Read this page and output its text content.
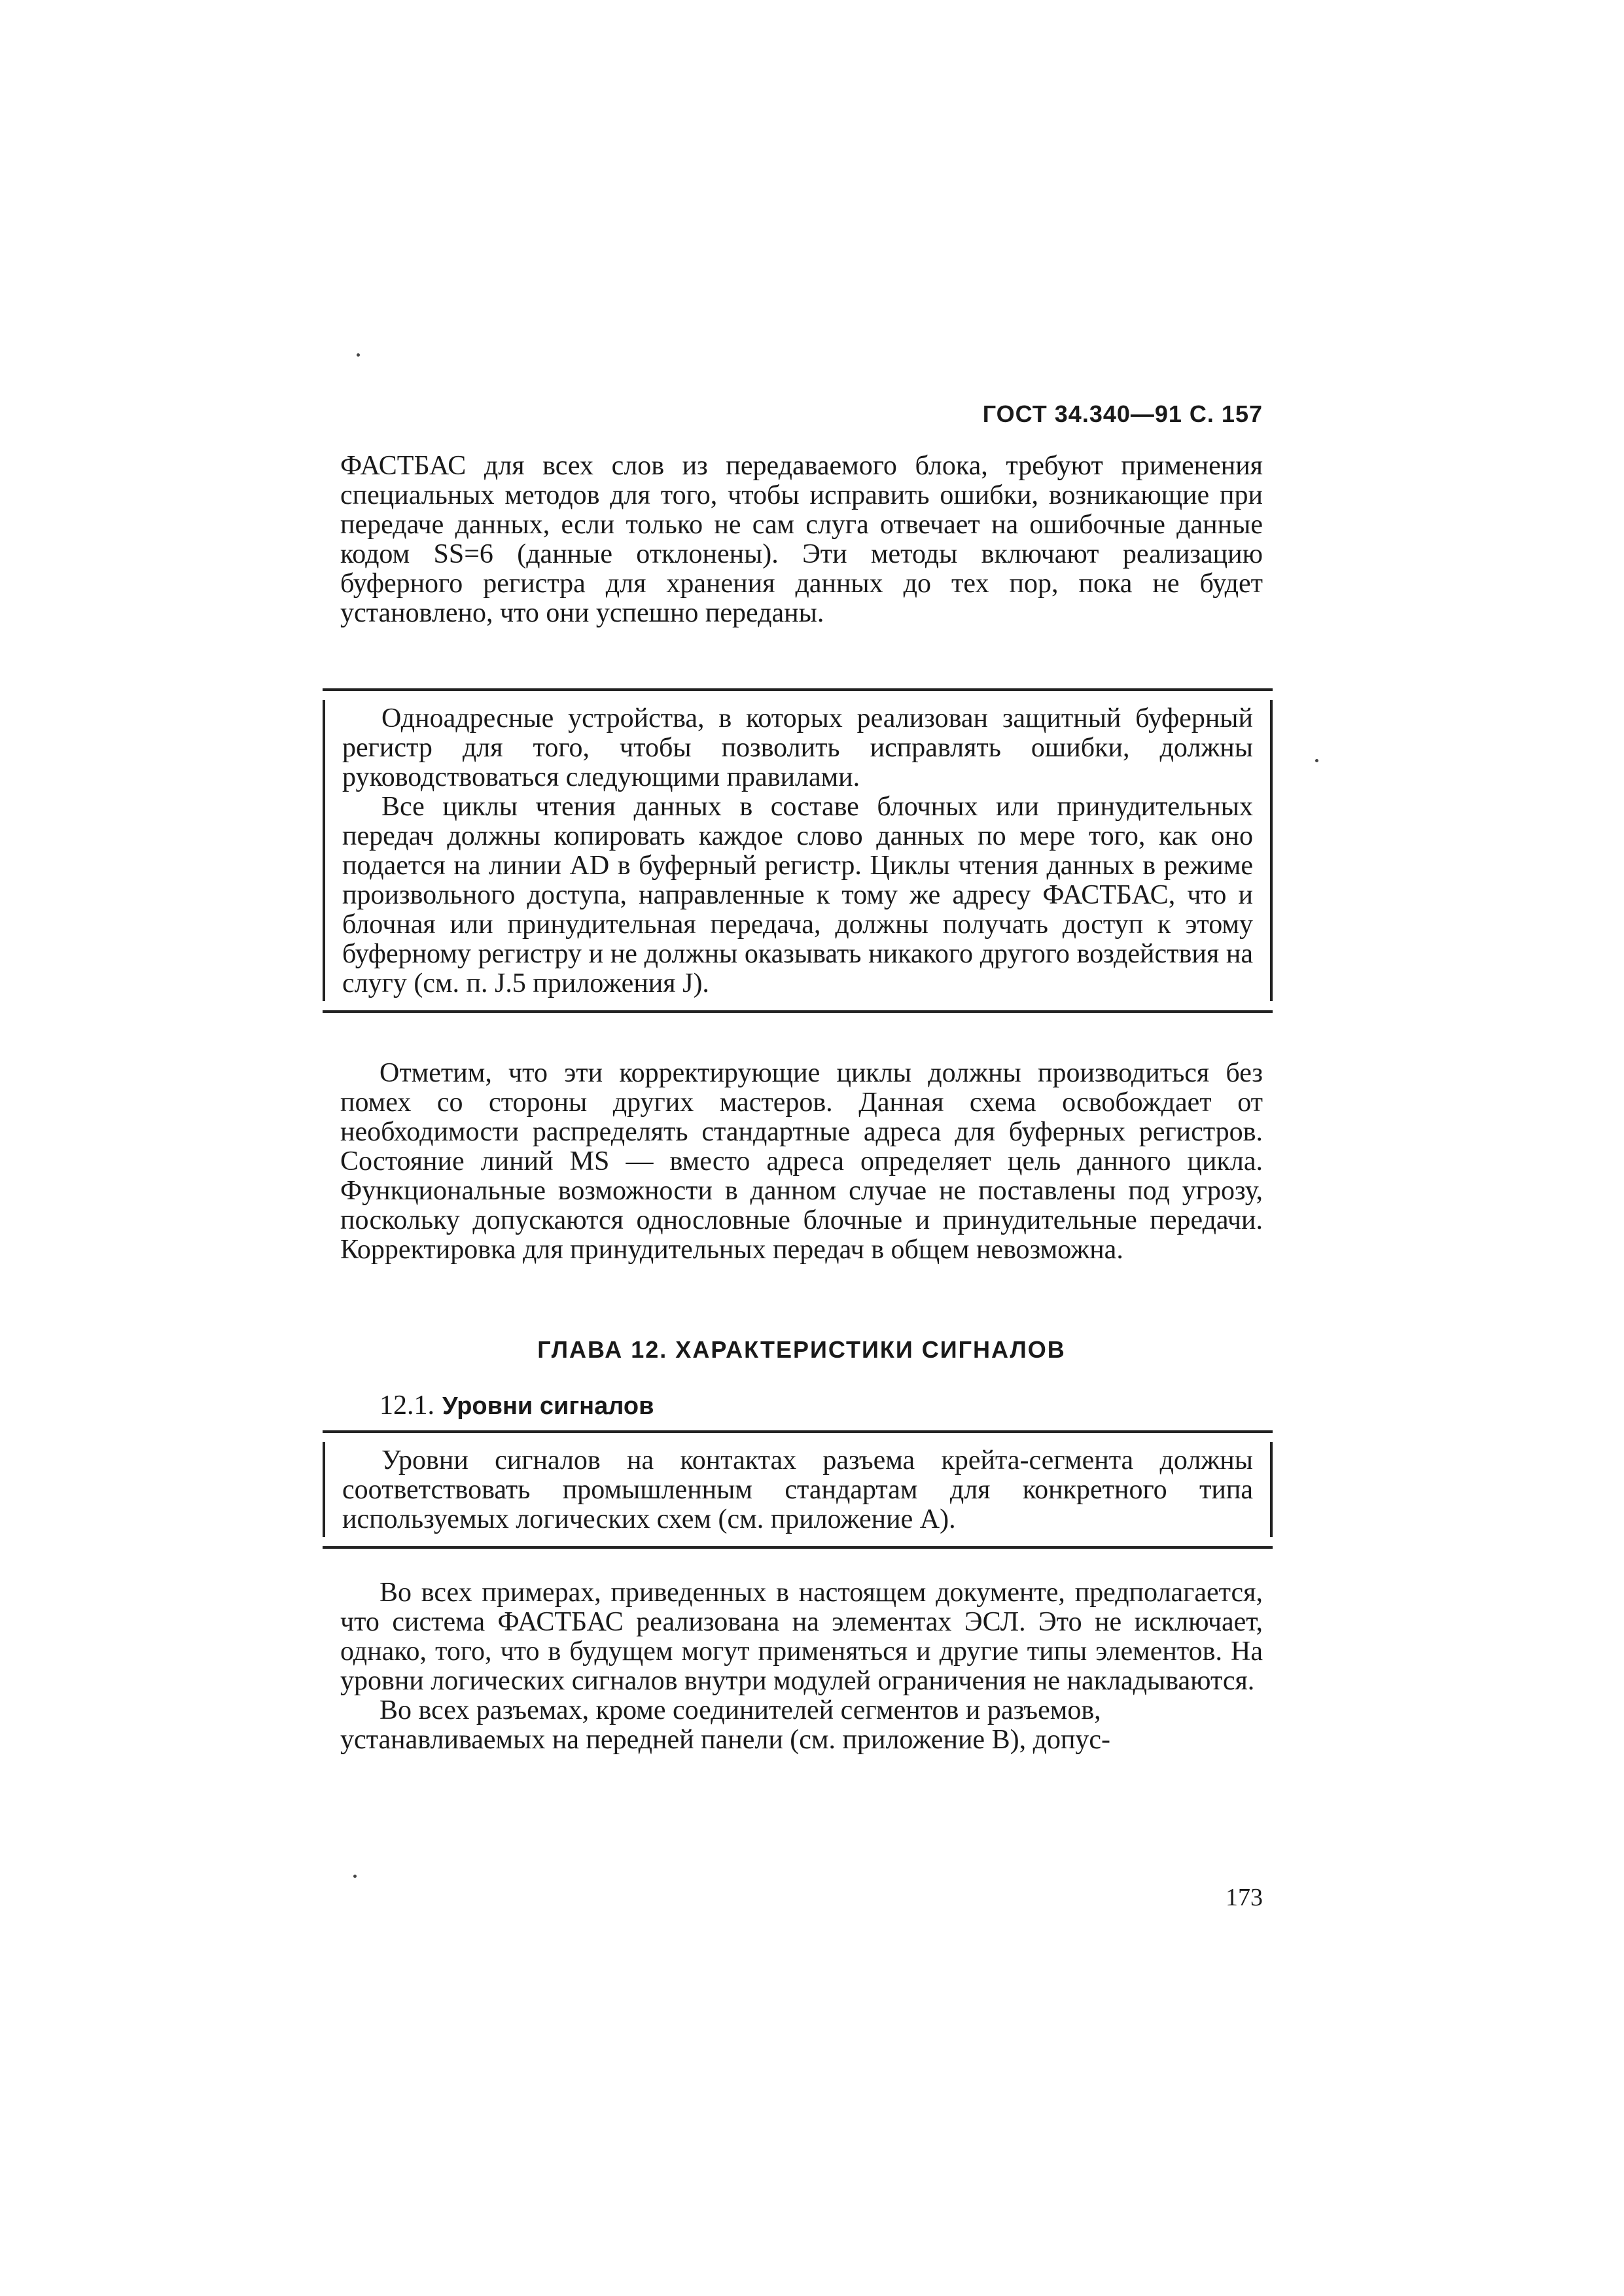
ГОСТ 34.340—91 С. 157

ФАСТБАС для всех слов из передаваемого блока, требуют применения специальных методов для того, чтобы исправить ошибки, возникающие при передаче данных, если только не сам слуга отвечает на ошибочные данные кодом SS=6 (данные отклонены). Эти методы включают реализацию буферного регистра для хранения данных до тех пор, пока не будет установлено, что они успешно переданы.

Одноадресные устройства, в которых реализован защитный буферный регистр для того, чтобы позволить исправлять ошибки, должны руководствоваться следующими правилами.

Все циклы чтения данных в составе блочных или принудительных передач должны копировать каждое слово данных по мере того, как оно подается на линии AD в буферный регистр. Циклы чтения данных в режиме произвольного доступа, направленные к тому же адресу ФАСТБАС, что и блочная или принудительная передача, должны получать доступ к этому буферному регистру и не должны оказывать никакого другого воздействия на слугу (см. п. J.5 приложения J).

Отметим, что эти корректирующие циклы должны производиться без помех со стороны других мастеров. Данная схема освобождает от необходимости распределять стандартные адреса для буферных регистров. Состояние линий MS — вместо адреса определяет цель данного цикла. Функциональные возможности в данном случае не поставлены под угрозу, поскольку допускаются однословные блочные и принудительные передачи. Корректировка для принудительных передач в общем невозможна.

ГЛАВА 12. ХАРАКТЕРИСТИКИ СИГНАЛОВ
12.1. Уровни сигналов

Уровни сигналов на контактах разъема крейта-сегмента должны соответствовать промышленным стандартам для конкретного типа используемых логических схем (см. приложение А).

Во всех примерах, приведенных в настоящем документе, предполагается, что система ФАСТБАС реализована на элементах ЭСЛ. Это не исключает, однако, того, что в будущем могут применяться и другие типы элементов. На уровни логических сигналов внутри модулей ограничения не накладываются.

Во всех разъемах, кроме соединителей сегментов и разъемов, устанавливаемых на передней панели (см. приложение В), допус-

173
